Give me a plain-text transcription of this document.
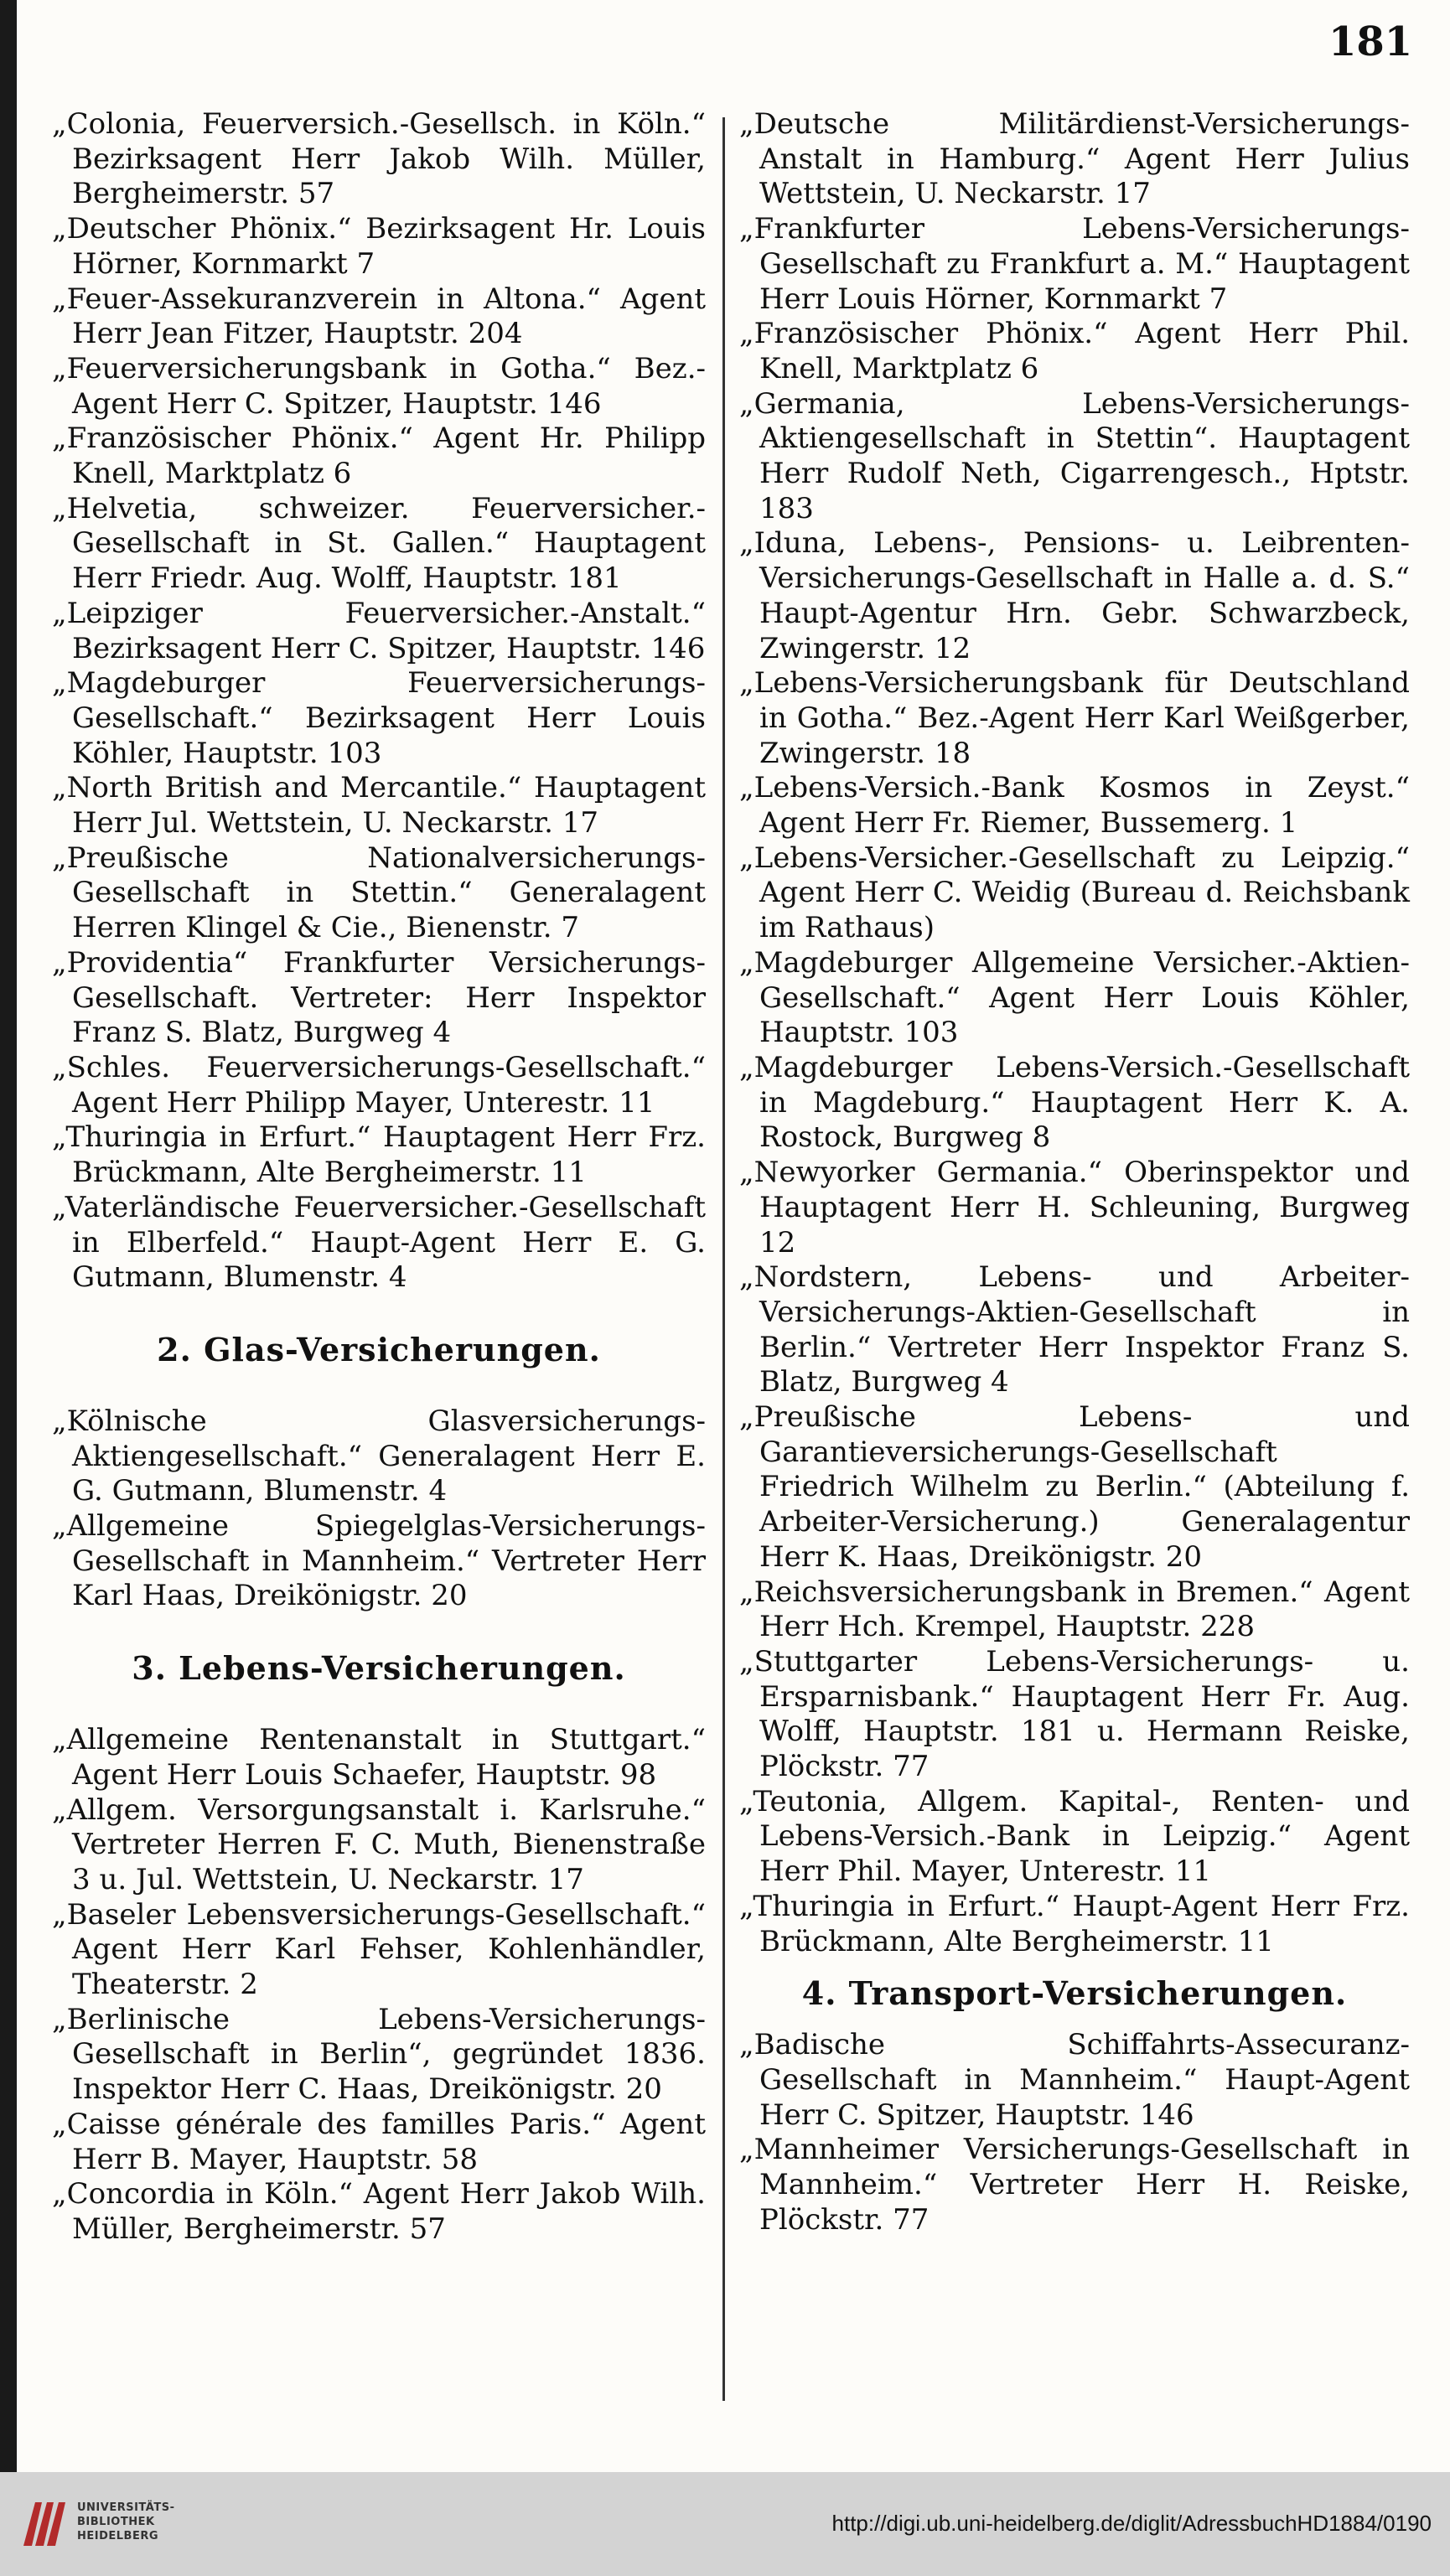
181

„Colonia, Feuerversich.-Gesellsch. in Köln.“ Bezirksagent Herr Jakob Wilh. Müller, Bergheimerstr. 57

„Deutscher Phönix.“ Bezirksagent Hr. Louis Hörner, Kornmarkt 7

„Feuer-Assekuranzverein in Altona.“ Agent Herr Jean Fitzer, Hauptstr. 204

„Feuerversicherungsbank in Gotha.“ Bez.-Agent Herr C. Spitzer, Hauptstr. 146

„Französischer Phönix.“ Agent Hr. Philipp Knell, Marktplatz 6

„Helvetia, schweizer. Feuerversicher.-Gesellschaft in St. Gallen.“ Hauptagent Herr Friedr. Aug. Wolff, Hauptstr. 181

„Leipziger Feuerversicher.-Anstalt.“ Bezirksagent Herr C. Spitzer, Hauptstr. 146

„Magdeburger Feuerversicherungs-Gesellschaft.“ Bezirksagent Herr Louis Köhler, Hauptstr. 103

„North British and Mercantile.“ Hauptagent Herr Jul. Wettstein, U. Neckarstr. 17

„Preußische Nationalversicherungs-Gesellschaft in Stettin.“ Generalagent Herren Klingel & Cie., Bienenstr. 7

„Providentia“ Frankfurter Versicherungs-Gesellschaft. Vertreter: Herr Inspektor Franz S. Blatz, Burgweg 4

„Schles. Feuerversicherungs-Gesellschaft.“ Agent Herr Philipp Mayer, Unterestr. 11

„Thuringia in Erfurt.“ Hauptagent Herr Frz. Brückmann, Alte Bergheimerstr. 11

„Vaterländische Feuerversicher.-Gesellschaft in Elberfeld.“ Haupt-Agent Herr E. G. Gutmann, Blumenstr. 4

2. Glas-Versicherungen.

„Kölnische Glasversicherungs-Aktiengesellschaft.“ Generalagent Herr E. G. Gutmann, Blumenstr. 4

„Allgemeine Spiegelglas-Versicherungs-Gesellschaft in Mannheim.“ Vertreter Herr Karl Haas, Dreikönigstr. 20

3. Lebens-Versicherungen.

„Allgemeine Rentenanstalt in Stuttgart.“ Agent Herr Louis Schaefer, Hauptstr. 98

„Allgem. Versorgungsanstalt i. Karlsruhe.“ Vertreter Herren F. C. Muth, Bienenstraße 3 u. Jul. Wettstein, U. Neckarstr. 17

„Baseler Lebensversicherungs-Gesellschaft.“ Agent Herr Karl Fehser, Kohlenhändler, Theaterstr. 2

„Berlinische Lebens-Versicherungs-Gesellschaft in Berlin“, gegründet 1836. Inspektor Herr C. Haas, Dreikönigstr. 20

„Caisse générale des familles Paris.“ Agent Herr B. Mayer, Hauptstr. 58

„Concordia in Köln.“ Agent Herr Jakob Wilh. Müller, Bergheimerstr. 57

„Deutsche Militärdienst-Versicherungs-Anstalt in Hamburg.“ Agent Herr Julius Wettstein, U. Neckarstr. 17

„Frankfurter Lebens-Versicherungs-Gesellschaft zu Frankfurt a. M.“ Hauptagent Herr Louis Hörner, Kornmarkt 7

„Französischer Phönix.“ Agent Herr Phil. Knell, Marktplatz 6

„Germania, Lebens-Versicherungs-Aktiengesellschaft in Stettin“. Hauptagent Herr Rudolf Neth, Cigarrengesch., Hptstr. 183

„Iduna, Lebens-, Pensions- u. Leibrenten-Versicherungs-Gesellschaft in Halle a. d. S.“ Haupt-Agentur Hrn. Gebr. Schwarzbeck, Zwingerstr. 12

„Lebens-Versicherungsbank für Deutschland in Gotha.“ Bez.-Agent Herr Karl Weißgerber, Zwingerstr. 18

„Lebens-Versich.-Bank Kosmos in Zeyst.“ Agent Herr Fr. Riemer, Bussemerg. 1

„Lebens-Versicher.-Gesellschaft zu Leipzig.“ Agent Herr C. Weidig (Bureau d. Reichsbank im Rathaus)

„Magdeburger Allgemeine Versicher.-Aktien-Gesellschaft.“ Agent Herr Louis Köhler, Hauptstr. 103

„Magdeburger Lebens-Versich.-Gesellschaft in Magdeburg.“ Hauptagent Herr K. A. Rostock, Burgweg 8

„Newyorker Germania.“ Oberinspektor und Hauptagent Herr H. Schleuning, Burgweg 12

„Nordstern, Lebens- und Arbeiter-Versicherungs-Aktien-Gesellschaft in Berlin.“ Vertreter Herr Inspektor Franz S. Blatz, Burgweg 4

„Preußische Lebens- und Garantieversicherungs-Gesellschaft Friedrich Wilhelm zu Berlin.“ (Abteilung f. Arbeiter-Versicherung.) Generalagentur Herr K. Haas, Dreikönigstr. 20

„Reichsversicherungsbank in Bremen.“ Agent Herr Hch. Krempel, Hauptstr. 228

„Stuttgarter Lebens-Versicherungs- u. Ersparnisbank.“ Hauptagent Herr Fr. Aug. Wolff, Hauptstr. 181 u. Hermann Reiske, Plöckstr. 77

„Teutonia, Allgem. Kapital-, Renten- und Lebens-Versich.-Bank in Leipzig.“ Agent Herr Phil. Mayer, Unterestr. 11

„Thuringia in Erfurt.“ Haupt-Agent Herr Frz. Brückmann, Alte Bergheimerstr. 11

4. Transport-Versicherungen.

„Badische Schiffahrts-Assecuranz-Gesellschaft in Mannheim.“ Haupt-Agent Herr C. Spitzer, Hauptstr. 146

„Mannheimer Versicherungs-Gesellschaft in Mannheim.“ Vertreter Herr H. Reiske, Plöckstr. 77

UNIVERSITÄTS-
BIBLIOTHEK
HEIDELBERG
http://digi.ub.uni-heidelberg.de/diglit/AdressbuchHD1884/0190
